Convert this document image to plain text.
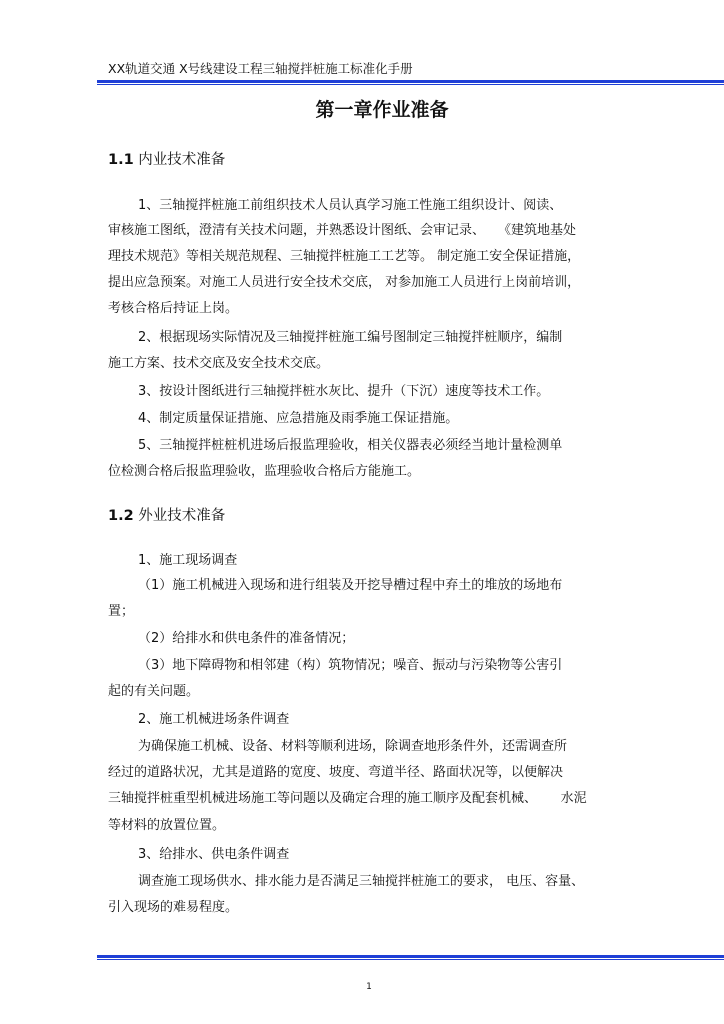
XX轨道交通 X号线建设工程三轴搅拌桩施工标准化手册
第一章作业准备
1.1 内业技术准备
1、三轴搅拌桩施工前组织技术人员认真学习施工性施工组织设计、阅读、
审核施工图纸，澄清有关技术问题，并熟悉设计图纸、会审记录、　　《建筑地基处
理技术规范》等相关规范规程、三轴搅拌桩施工工艺等。 制定施工安全保证措施，
提出应急预案。对施工人员进行安全技术交底， 对参加施工人员进行上岗前培训，
考核合格后持证上岗。
2、根据现场实际情况及三轴搅拌桩施工编号图制定三轴搅拌桩顺序，编制
施工方案、技术交底及安全技术交底。
3、按设计图纸进行三轴搅拌桩水灰比、提升（下沉）速度等技术工作。
4、制定质量保证措施、应急措施及雨季施工保证措施。
5、三轴搅拌桩桩机进场后报监理验收，相关仪器表必须经当地计量检测单
位检测合格后报监理验收，监理验收合格后方能施工。
1.2 外业技术准备
1、施工现场调查
（1）施工机械进入现场和进行组装及开挖导槽过程中弃土的堆放的场地布
置；
（2）给排水和供电条件的准备情况；
（3）地下障碍物和相邻建（构）筑物情况；噪音、振动与污染物等公害引
起的有关问题。
2、施工机械进场条件调查
为确保施工机械、设备、材料等顺利进场，除调查地形条件外，还需调查所
经过的道路状况，尤其是道路的宽度、坡度、弯道半径、路面状况等，以便解决
三轴搅拌桩重型机械进场施工等问题以及确定合理的施工顺序及配套机械、　　 水泥
等材料的放置位置。
3、给排水、供电条件调查
调查施工现场供水、排水能力是否满足三轴搅拌桩施工的要求， 电压、容量、
引入现场的难易程度。
1
